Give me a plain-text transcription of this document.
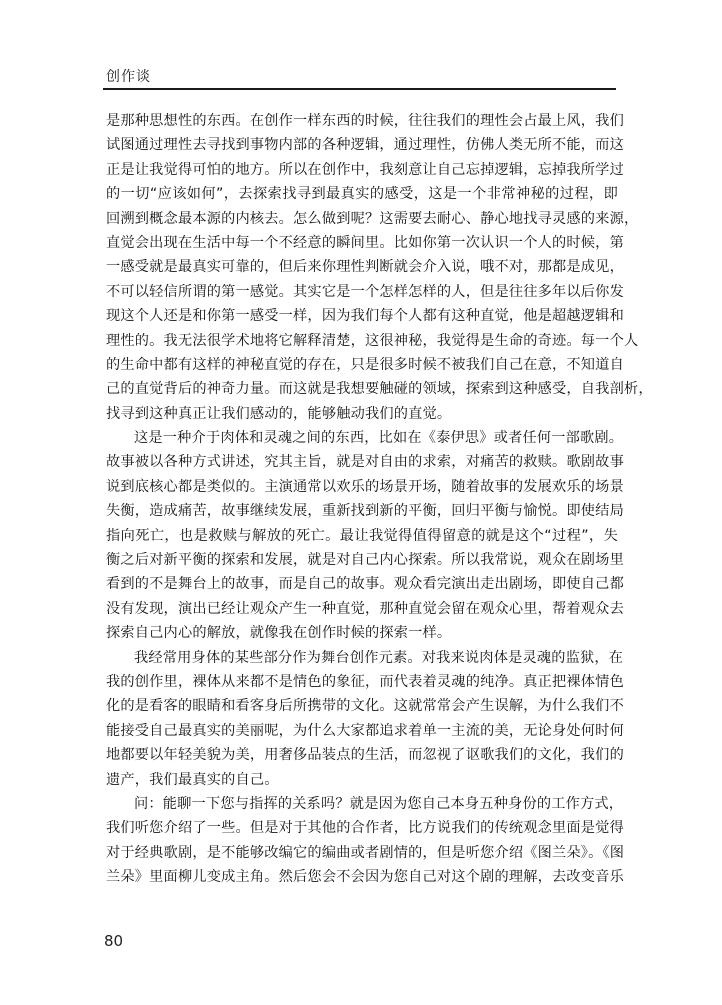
创作谈
是那种思想性的东西。在创作一样东西的时候，往往我们的理性会占最上风，我们
试图通过理性去寻找到事物内部的各种逻辑，通过理性，仿佛人类无所不能，而这
正是让我觉得可怕的地方。所以在创作中，我刻意让自己忘掉逻辑，忘掉我所学过
的一切“应该如何”，去探索找寻到最真实的感受，这是一个非常神秘的过程，即
回溯到概念最本源的内核去。怎么做到呢？这需要去耐心、静心地找寻灵感的来源，
直觉会出现在生活中每一个不经意的瞬间里。比如你第一次认识一个人的时候，第
一感受就是最真实可靠的，但后来你理性判断就会介入说，哦不对，那都是成见，
不可以轻信所谓的第一感觉。其实它是一个怎样怎样的人，但是往往多年以后你发
现这个人还是和你第一感受一样，因为我们每个人都有这种直觉，他是超越逻辑和
理性的。我无法很学术地将它解释清楚，这很神秘，我觉得是生命的奇迹。每一个人
的生命中都有这样的神秘直觉的存在，只是很多时候不被我们自己在意，不知道自
己的直觉背后的神奇力量。而这就是我想要触碰的领域，探索到这种感受，自我剖析，
找寻到这种真正让我们感动的，能够触动我们的直觉。
这是一种介于肉体和灵魂之间的东西，比如在《泰伊思》或者任何一部歌剧。
故事被以各种方式讲述，究其主旨，就是对自由的求索，对痛苦的救赎。歌剧故事
说到底核心都是类似的。主演通常以欢乐的场景开场，随着故事的发展欢乐的场景
失衡，造成痛苦，故事继续发展，重新找到新的平衡，回归平衡与愉悦。即使结局
指向死亡，也是救赎与解放的死亡。最让我觉得值得留意的就是这个“过程”，失
衡之后对新平衡的探索和发展，就是对自己内心探索。所以我常说，观众在剧场里
看到的不是舞台上的故事，而是自己的故事。观众看完演出走出剧场，即使自己都
没有发现，演出已经让观众产生一种直觉，那种直觉会留在观众心里，帮着观众去
探索自己内心的解放，就像我在创作时候的探索一样。
我经常用身体的某些部分作为舞台创作元素。对我来说肉体是灵魂的监狱，在
我的创作里，裸体从来都不是情色的象征，而代表着灵魂的纯净。真正把裸体情色
化的是看客的眼睛和看客身后所携带的文化。这就常常会产生误解，为什么我们不
能接受自己最真实的美丽呢，为什么大家都追求着单一主流的美，无论身处何时何
地都要以年轻美貌为美，用奢侈品装点的生活，而忽视了讴歌我们的文化，我们的
遗产，我们最真实的自己。
问：能聊一下您与指挥的关系吗？就是因为您自己本身五种身份的工作方式，
我们听您介绍了一些。但是对于其他的合作者，比方说我们的传统观念里面是觉得
对于经典歌剧，是不能够改编它的编曲或者剧情的，但是听您介绍《图兰朵》。《图
兰朵》里面柳儿变成主角。然后您会不会因为您自己对这个剧的理解，去改变音乐
80
